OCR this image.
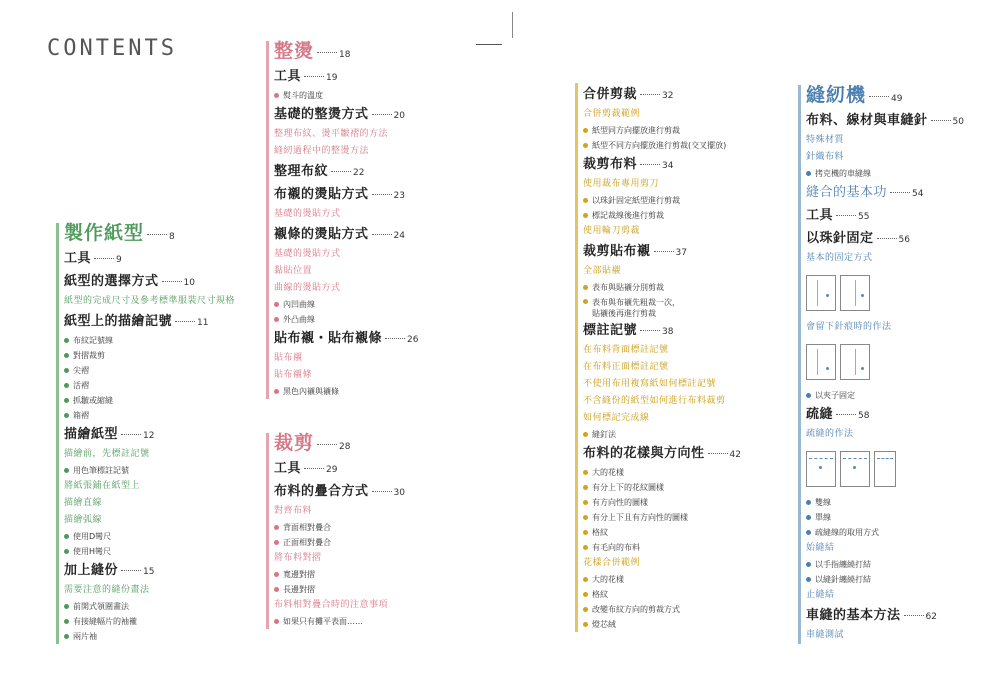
CONTENTS
製作紙型	8
工具	9
紙型的選擇方式	10
紙型的完成尺寸及參考標準服裝尺寸規格
紙型上的描繪記號	11
布紋記號線
對摺裁剪
尖褶
活褶
抓皺或縮縫
箱褶
描繪紙型	12
描繪前，先標註記號
用色筆標註記號
將紙張鋪在紙型上
描繪直線
描繪弧線
使用D彎尺
使用H彎尺
加上縫份	15
需要注意的縫份畫法
前開式領圍畫法
有接縫幅片的袖襱
兩片袖
整燙	18
工具	19
熨斗的溫度
基礎的整燙方式	20
整理布紋、燙平皺褶的方法
縫紉過程中的整燙方法
整理布紋	22
布襯的燙貼方式	23
基礎的燙貼方式
襯條的燙貼方式	24
基礎的燙貼方式
黏貼位置
曲線的燙貼方式
內凹曲線
外凸曲線
貼布襯・貼布襯條	26
貼布襯
貼布襯條
黑色內襯與襯條
裁剪	28
工具	29
布料的疊合方式	30
對齊布料
背面相對疊合
正面相對疊合
將布料對摺
寬邊對摺
長邊對摺
布料相對疊合時的注意事項
如果只有攤平表面……
合併剪裁	32
合併剪裁範例
紙型同方向擺放進行剪裁
紙型不同方向擺放進行剪裁(交叉擺放)
裁剪布料	34
使用裁布專用剪刀
以珠針固定紙型進行剪裁
標記裁線後進行剪裁
使用輪刀剪裁
裁剪貼布襯	37
全部貼襯
表布與貼襯分別剪裁
表布與布襯先粗裁一次，
貼襯後再進行剪裁
標註記號	38
在布料背面標註記號
在布料正面標註記號
不使用布用複寫紙如何標註記號
不含縫份的紙型如何進行布料裁剪
如何標記完成線
縫釘法
布料的花樣與方向性	42
大的花樣
有分上下的花紋圖樣
有方向性的圖樣
有分上下且有方向性的圖樣
格紋
有毛向的布料
花樣合併範例
大的花樣
格紋
改變布紋方向的剪裁方式
燈芯絨
縫紉機	49
布料、線材與車縫針	50
特殊材質
針織布料
拷克機的車縫線
縫合的基本功	54
工具	55
以珠針固定	56
基本的固定方式
會留下針痕時的作法
以夾子固定
疏縫	58
疏縫的作法
雙線
單線
疏縫線的取用方式
始縫結
以手指纏繞打結
以縫針纏繞打結
止縫結
車縫的基本方法	62
車縫測試
